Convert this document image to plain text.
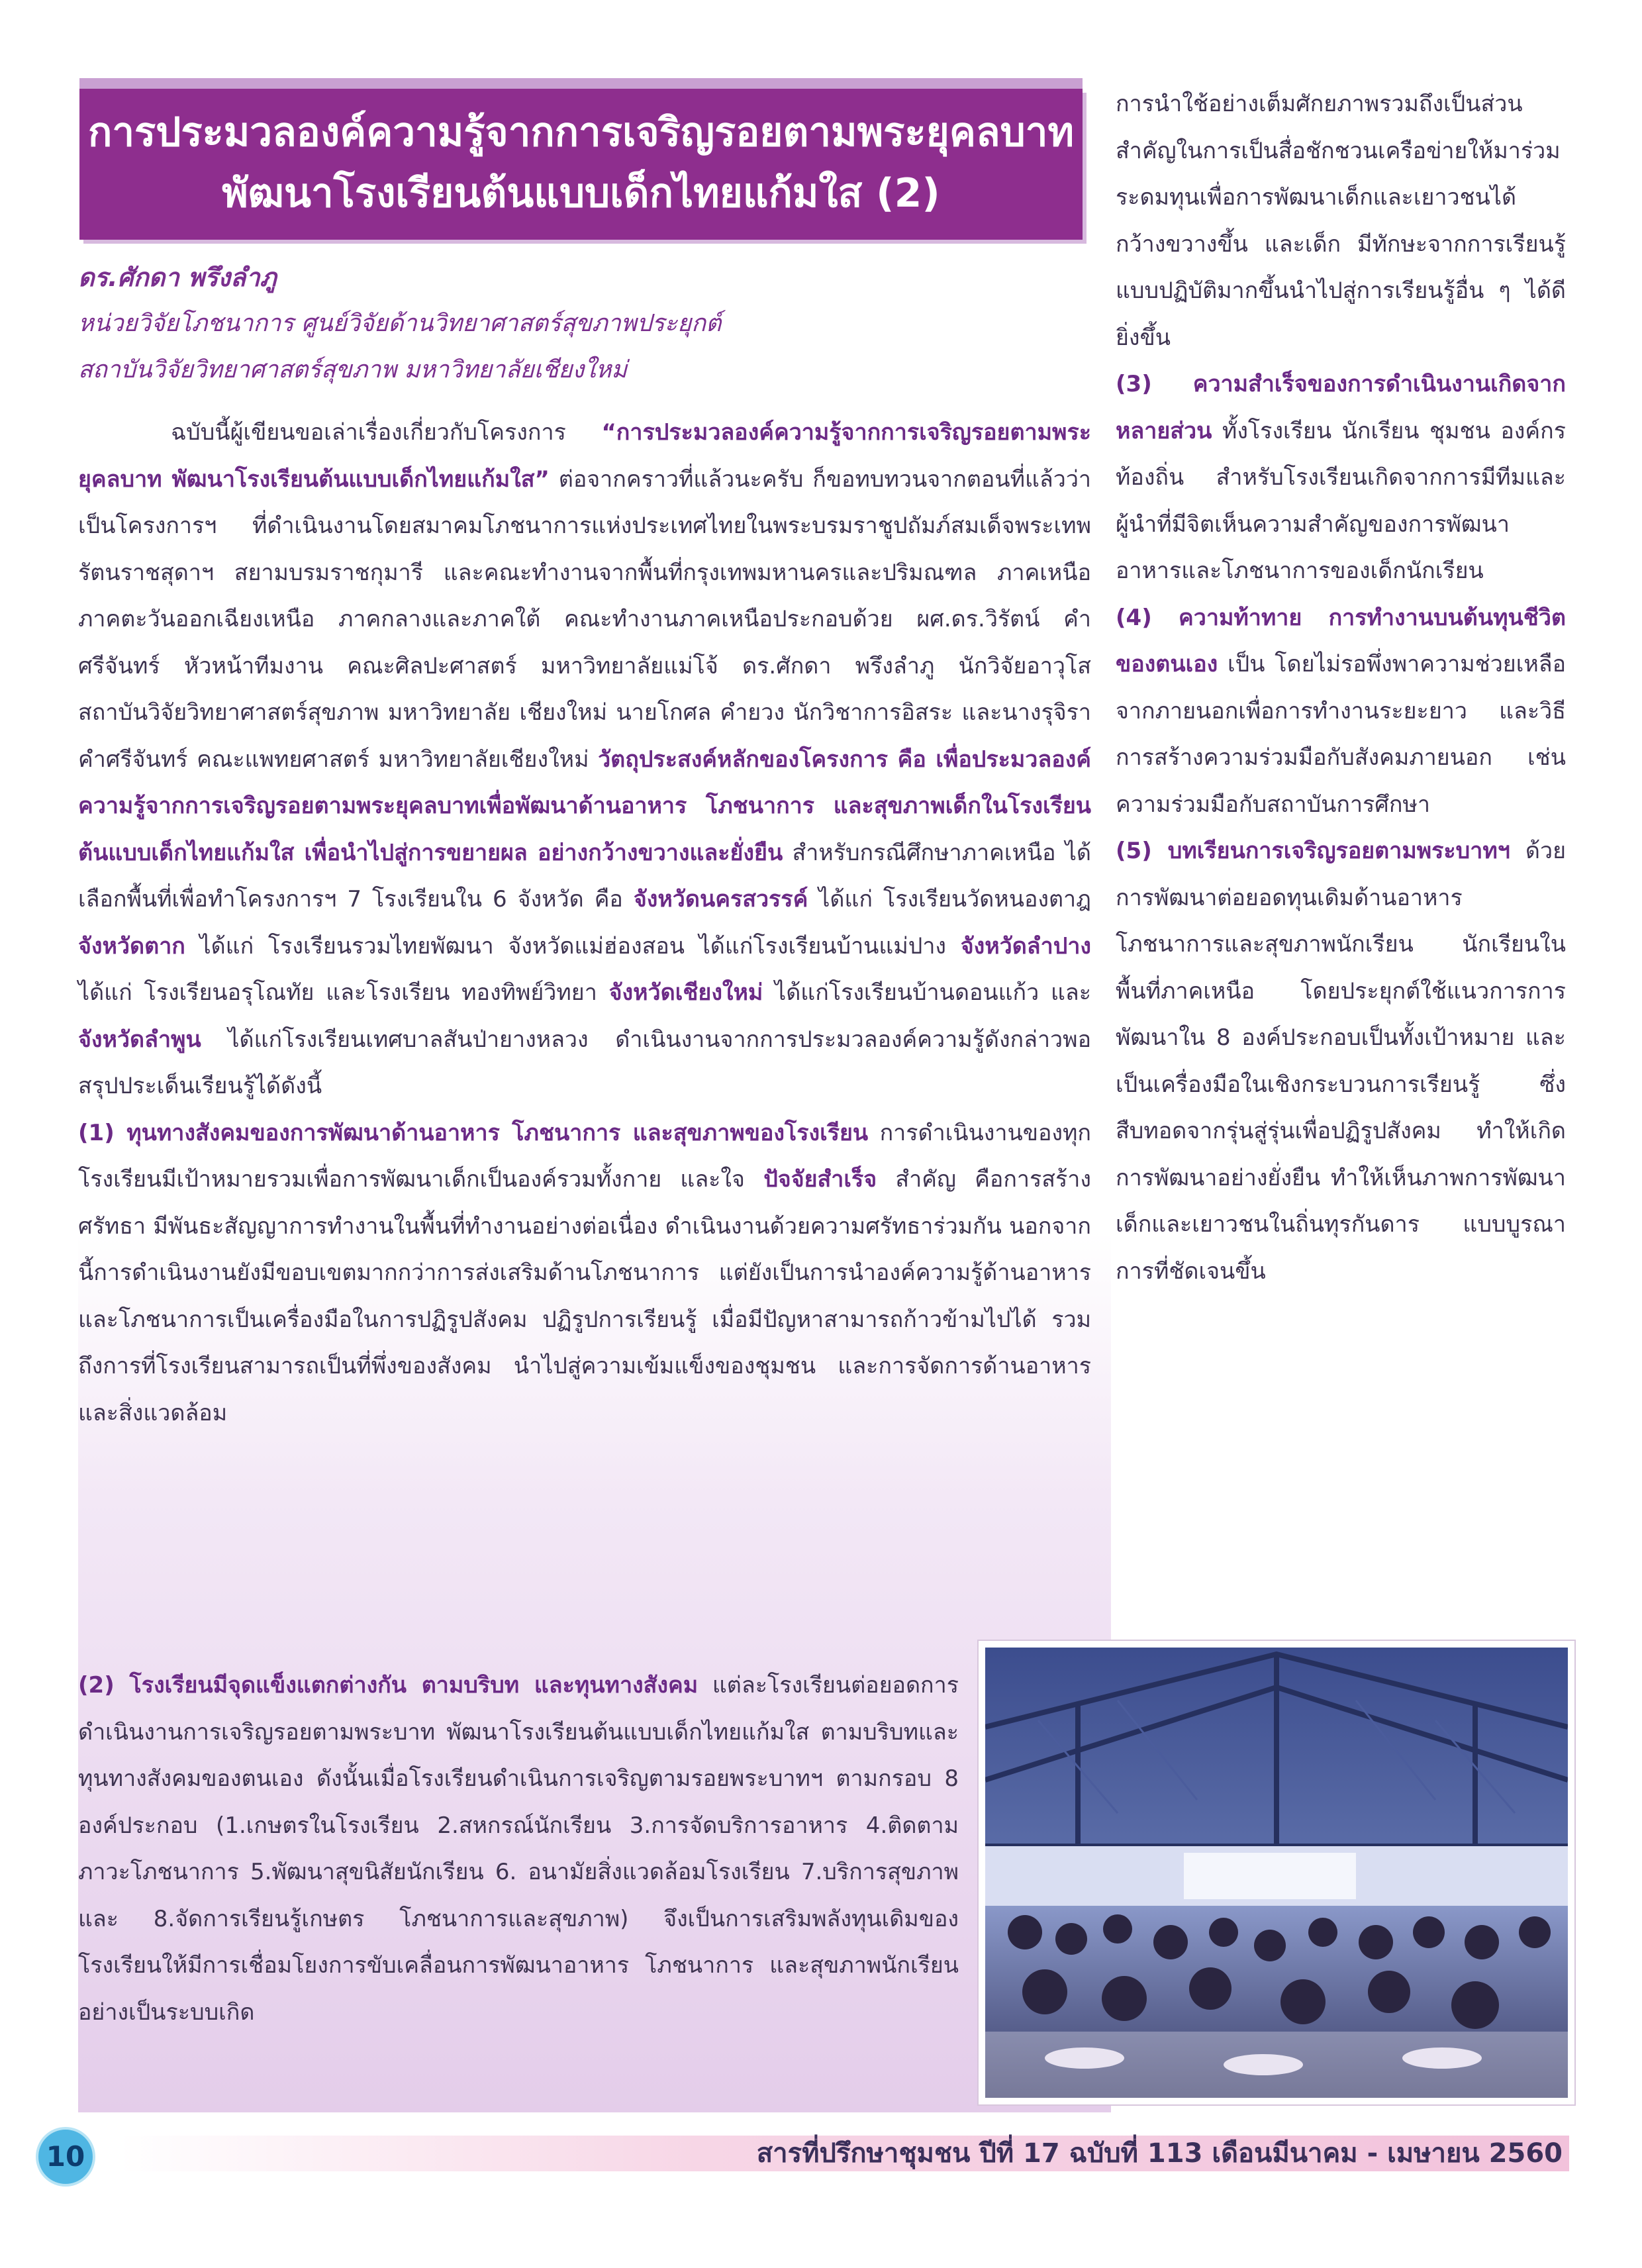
การประมวลองค์ความรู้จากการเจริญรอยตามพระยุคลบาท
พัฒนาโรงเรียนต้นแบบเด็กไทยแก้มใส (2)
ดร.ศักดา พรึงลำภู
หน่วยวิจัยโภชนาการ ศูนย์วิจัยด้านวิทยาศาสตร์สุขภาพประยุกต์
สถาบันวิจัยวิทยาศาสตร์สุขภาพ มหาวิทยาลัยเชียงใหม่

ฉบับนี้ผู้เขียนขอเล่าเรื่องเกี่ยวกับโครงการ “การประมวลองค์ความรู้จากการเจริญรอยตามพระยุคลบาท พัฒนาโรงเรียนต้นแบบเด็กไทยแก้มใส” ต่อจากคราวที่แล้วนะครับ ก็ขอทบทวนจากตอนที่แล้วว่าเป็นโครงการฯ ที่ดำเนินงานโดยสมาคมโภชนาการแห่งประเทศไทยในพระบรมราชูปถัมภ์สมเด็จพระเทพรัตนราชสุดาฯ สยามบรมราชกุมารี และคณะทำงานจากพื้นที่กรุงเทพมหานครและปริมณฑล ภาคเหนือ ภาคตะวันออกเฉียงเหนือ ภาคกลางและภาคใต้ คณะทำงานภาคเหนือประกอบด้วย ผศ.ดร.วิรัตน์ คำศรีจันทร์ หัวหน้าทีมงาน คณะศิลปะศาสตร์ มหาวิทยาลัยแม่โจ้ ดร.ศักดา พรึงลำภู นักวิจัยอาวุโส สถาบันวิจัยวิทยาศาสตร์สุขภาพ มหาวิทยาลัย เชียงใหม่ นายโกศล คำยวง นักวิชาการอิสระ และนางรุจิรา คำศรีจันทร์ คณะแพทยศาสตร์ มหาวิทยาลัยเชียงใหม่ วัตถุประสงค์หลักของโครงการ คือ เพื่อประมวลองค์ความรู้จากการเจริญรอยตามพระยุคลบาทเพื่อพัฒนาด้านอาหาร โภชนาการ และสุขภาพเด็กในโรงเรียนต้นแบบเด็กไทยแก้มใส เพื่อนำไปสู่การขยายผล อย่างกว้างขวางและยั่งยืน สำหรับกรณีศึกษาภาคเหนือ ได้เลือกพื้นที่เพื่อทำโครงการฯ 7 โรงเรียนใน 6 จังหวัด คือ จังหวัดนครสวรรค์ ได้แก่ โรงเรียนวัดหนองตาฎ จังหวัดตาก ได้แก่ โรงเรียนรวมไทยพัฒนา จังหวัดแม่ฮ่องสอน ได้แก่โรงเรียนบ้านแม่ปาง จังหวัดลำปาง ได้แก่ โรงเรียนอรุโณทัย และโรงเรียน ทองทิพย์วิทยา จังหวัดเชียงใหม่ ได้แก่โรงเรียนบ้านดอนแก้ว และ จังหวัดลำพูน ได้แก่โรงเรียนเทศบาลสันป่ายางหลวง ดำเนินงานจากการประมวลองค์ความรู้ดังกล่าวพอสรุปประเด็นเรียนรู้ได้ดังนี้

(1) ทุนทางสังคมของการพัฒนาด้านอาหาร โภชนาการ และสุขภาพของโรงเรียน การดำเนินงานของทุกโรงเรียนมีเป้าหมายรวมเพื่อการพัฒนาเด็กเป็นองค์รวมทั้งกาย และใจ ปัจจัยสำเร็จ สำคัญ คือการสร้างศรัทธา มีพันธะสัญญาการทำงานในพื้นที่ทำงานอย่างต่อเนื่อง ดำเนินงานด้วยความศรัทธาร่วมกัน นอกจากนี้การดำเนินงานยังมีขอบเขตมากกว่าการส่งเสริมด้านโภชนาการ แต่ยังเป็นการนำองค์ความรู้ด้านอาหารและโภชนาการเป็นเครื่องมือในการปฏิรูปสังคม ปฏิรูปการเรียนรู้ เมื่อมีปัญหาสามารถก้าวข้ามไปได้ รวมถึงการที่โรงเรียนสามารถเป็นที่พึ่งของสังคม นำไปสู่ความเข้มแข็งของชุมชน และการจัดการด้านอาหารและสิ่งแวดล้อม

(2) โรงเรียนมีจุดแข็งแตกต่างกัน ตามบริบท และทุนทางสังคม แต่ละโรงเรียนต่อยอดการดำเนินงานการเจริญรอยตามพระบาท พัฒนาโรงเรียนต้นแบบเด็กไทยแก้มใส ตามบริบทและทุนทางสังคมของตนเอง ดังนั้นเมื่อโรงเรียนดำเนินการเจริญตามรอยพระบาทฯ ตามกรอบ 8 องค์ประกอบ (1.เกษตรในโรงเรียน 2.สหกรณ์นักเรียน 3.การจัดบริการอาหาร 4.ติดตามภาวะโภชนาการ 5.พัฒนาสุขนิสัยนักเรียน 6. อนามัยสิ่งแวดล้อมโรงเรียน 7.บริการสุขภาพ และ 8.จัดการเรียนรู้เกษตร โภชนาการและสุขภาพ) จึงเป็นการเสริมพลังทุนเดิมของโรงเรียนให้มีการเชื่อมโยงการขับเคลื่อนการพัฒนาอาหาร โภชนาการ และสุขภาพนักเรียน อย่างเป็นระบบเกิด

การนำใช้อย่างเต็มศักยภาพรวมถึงเป็นส่วนสำคัญในการเป็นสื่อชักชวนเครือข่ายให้มาร่วมระดมทุนเพื่อการพัฒนาเด็กและเยาวชนได้กว้างขวางขึ้น และเด็ก มีทักษะจากการเรียนรู้แบบปฏิบัติมากขึ้นนำไปสู่การเรียนรู้อื่น ๆ ได้ดียิ่งขึ้น

(3) ความสำเร็จของการดำเนินงานเกิดจากหลายส่วน ทั้งโรงเรียน นักเรียน ชุมชน องค์กรท้องถิ่น สำหรับโรงเรียนเกิดจากการมีทีมและผู้นำที่มีจิตเห็นความสำคัญของการพัฒนาอาหารและโภชนาการของเด็กนักเรียน

(4) ความท้าทาย การทำงานบนต้นทุนชีวิตของตนเอง เป็น โดยไม่รอพึ่งพาความช่วยเหลือจากภายนอกเพื่อการทำงานระยะยาว และวิธีการสร้างความร่วมมือกับสังคมภายนอก เช่น ความร่วมมือกับสถาบันการศึกษา

(5) บทเรียนการเจริญรอยตามพระบาทฯ ด้วยการพัฒนาต่อยอดทุนเดิมด้านอาหาร โภชนาการและสุขภาพนักเรียน นักเรียนในพื้นที่ภาคเหนือ โดยประยุกต์ใช้แนวการการพัฒนาใน 8 องค์ประกอบเป็นทั้งเป้าหมาย และเป็นเครื่องมือในเชิงกระบวนการเรียนรู้ ซึ่งสืบทอดจากรุ่นสู่รุ่นเพื่อปฏิรูปสังคม ทำให้เกิดการพัฒนาอย่างยั่งยืน ทำให้เห็นภาพการพัฒนาเด็กและเยาวชนในถิ่นทุรกันดาร แบบบูรณาการที่ชัดเจนขึ้น

10	สารที่ปรึกษาชุมชน ปีที่ 17 ฉบับที่ 113 เดือนมีนาคม - เมษายน 2560
